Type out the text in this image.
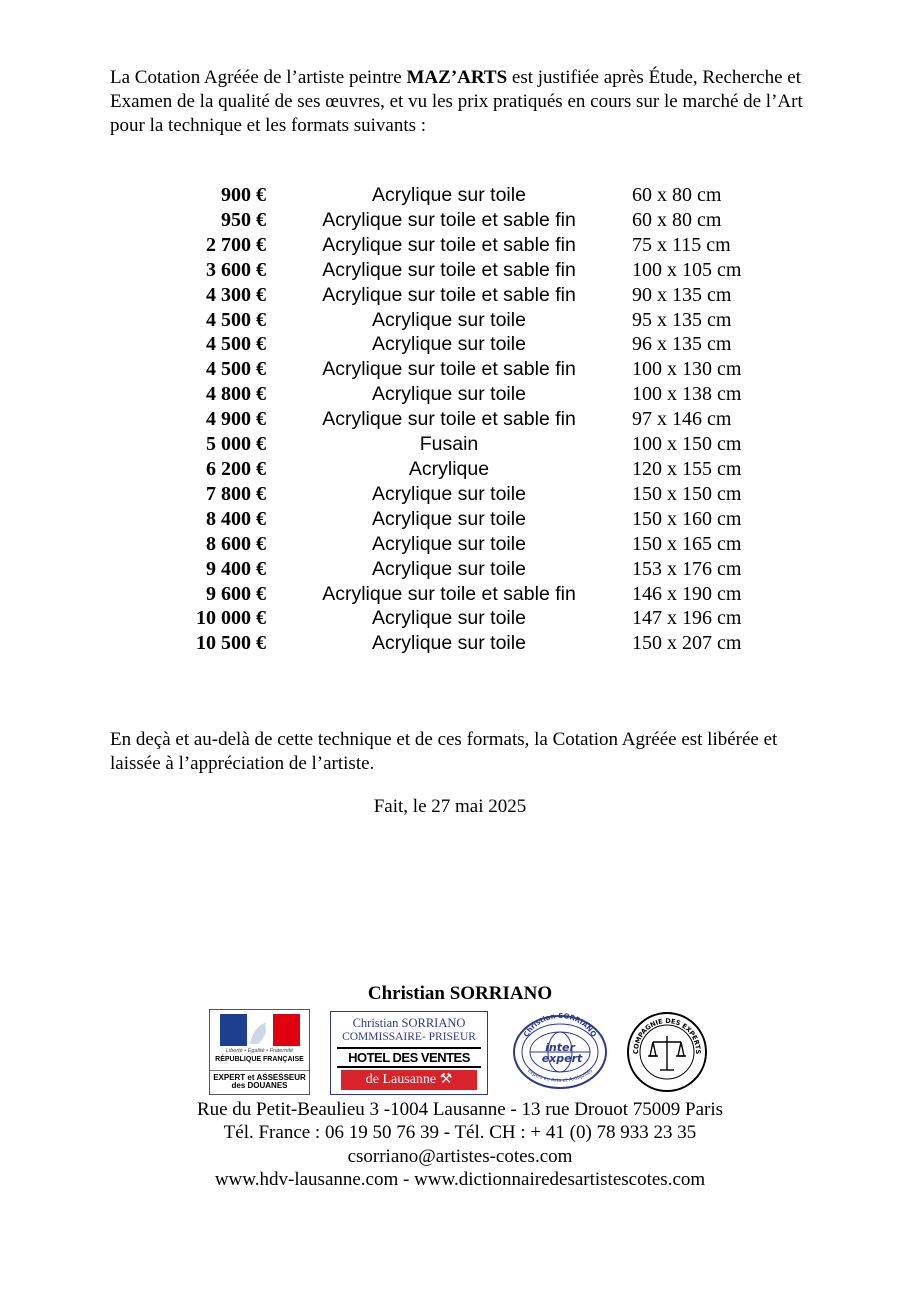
La Cotation Agréée de l’artiste peintre MAZ’ARTS est justifiée après Étude, Recherche et Examen de la qualité de ses œuvres, et vu les prix pratiqués en cours sur le marché de l’Art pour la technique et les formats suivants :
900 €	Acrylique sur toile	60 x 80 cm
950 €	Acrylique sur toile et sable fin	60 x 80 cm
2 700 €	Acrylique sur toile et sable fin	75 x 115 cm
3 600 €	Acrylique sur toile et sable fin	100 x 105 cm
4 300 €	Acrylique sur toile et sable fin	90 x 135 cm
4 500 €	Acrylique sur toile	95 x 135 cm
4 500 €	Acrylique sur toile	96 x 135 cm
4 500 €	Acrylique sur toile et sable fin	100 x 130 cm
4 800 €	Acrylique sur toile	100 x 138 cm
4 900 €	Acrylique sur toile et sable fin	97 x 146 cm
5 000 €	Fusain	100 x 150 cm
6 200 €	Acrylique	120 x 155 cm
7 800 €	Acrylique sur toile	150 x 150 cm
8 400 €	Acrylique sur toile	150 x 160 cm
8 600 €	Acrylique sur toile	150 x 165 cm
9 400 €	Acrylique sur toile	153 x 176 cm
9 600 €	Acrylique sur toile et sable fin	146 x 190 cm
10 000 €	Acrylique sur toile	147 x 196 cm
10 500 €	Acrylique sur toile	150 x 207 cm
En deçà et au-delà de cette technique et de ces formats, la Cotation Agréée est libérée et laissée à l’appréciation de l’artiste.
Fait, le 27 mai 2025
Christian SORRIANO
Liberté • Égalité • Fraternité
RÉPUBLIQUE FRANÇAISE
EXPERT et ASSESSEUR
des DOUANES
Christian SORRIANO
COMMISSAIRE- PRISEUR
HOTEL DES VENTES
de Lausanne ⚒
Christian SORRIANO
inter
expert
Expert en Arts et Antiquités
COMPAGNIE DES EXPERTS
Rue du Petit-Beaulieu 3 -1004 Lausanne - 13 rue Drouot 75009 Paris
Tél. France : 06 19 50 76 39 - Tél. CH : + 41 (0) 78 933 23 35
csorriano@artistes-cotes.com
www.hdv-lausanne.com - www.dictionnairedesartistescotes.com
